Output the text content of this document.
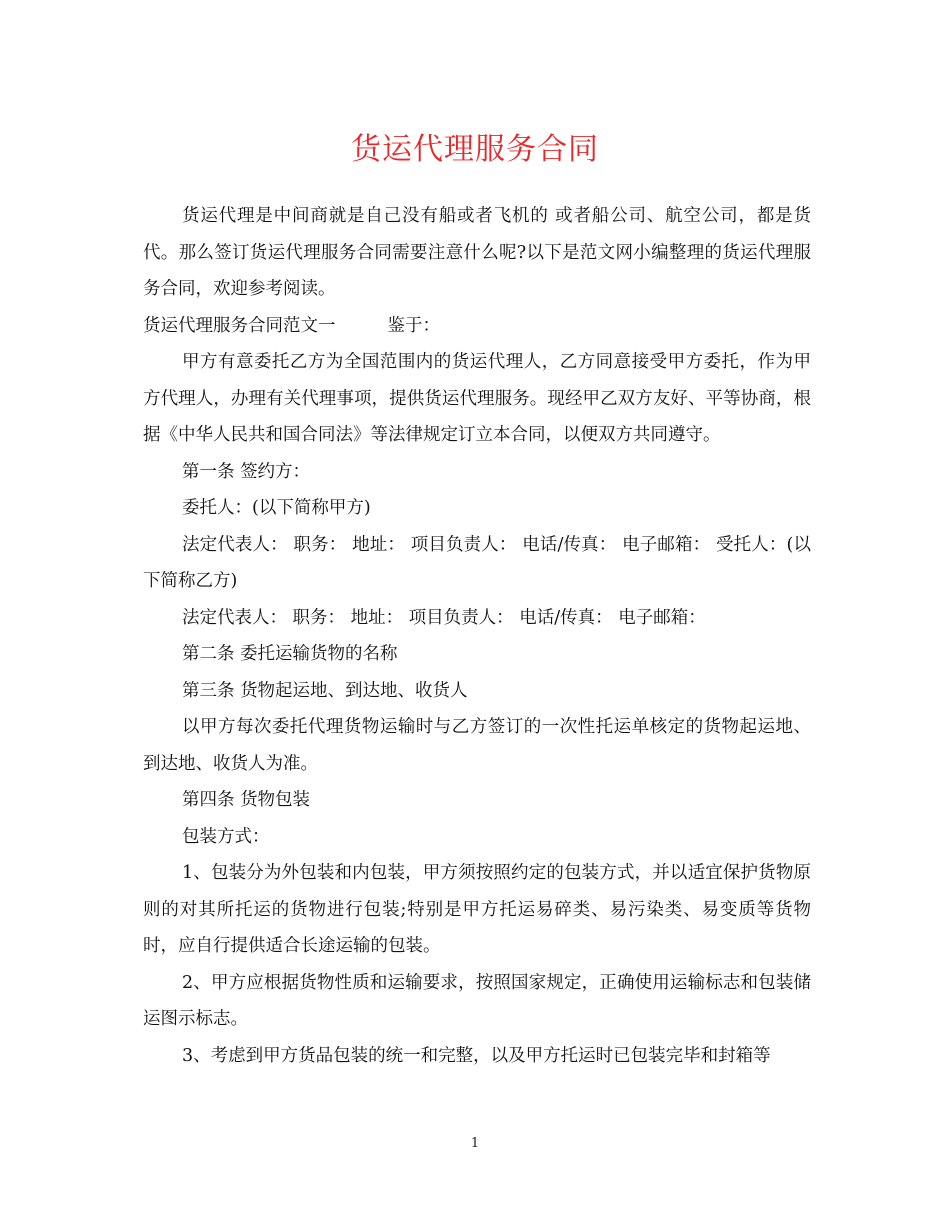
货运代理服务合同

货运代理是中间商就是自己没有船或者飞机的 或者船公司、航空公司，都是货代。那么签订货运代理服务合同需要注意什么呢?以下是范文网小编整理的货运代理服务合同，欢迎参考阅读。

货运代理服务合同范文一	鉴于：

甲方有意委托乙方为全国范围内的货运代理人，乙方同意接受甲方委托，作为甲方代理人，办理有关代理事项，提供货运代理服务。现经甲乙双方友好、平等协商，根据《中华人民共和国合同法》等法律规定订立本合同，以便双方共同遵守。

第一条 签约方：

委托人：(以下简称甲方)

法定代表人： 职务： 地址： 项目负责人： 电话/传真： 电子邮箱： 受托人：(以下简称乙方)

法定代表人： 职务： 地址： 项目负责人： 电话/传真： 电子邮箱：

第二条 委托运输货物的名称

第三条 货物起运地、到达地、收货人

以甲方每次委托代理货物运输时与乙方签订的一次性托运单核定的货物起运地、到达地、收货人为准。

第四条 货物包装

包装方式：

1、包装分为外包装和内包装，甲方须按照约定的包装方式，并以适宜保护货物原则的对其所托运的货物进行包装;特别是甲方托运易碎类、易污染类、易变质等货物时，应自行提供适合长途运输的包装。

2、甲方应根据货物性质和运输要求，按照国家规定，正确使用运输标志和包装储运图示标志。

3、考虑到甲方货品包装的统一和完整，以及甲方托运时已包装完毕和封箱等

1
